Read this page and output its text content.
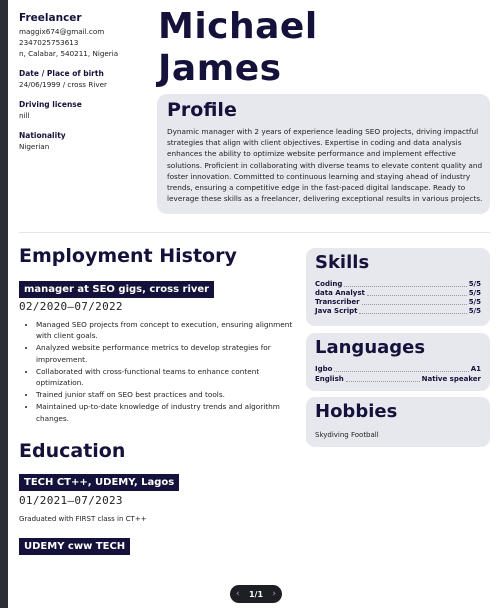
Freelancer
maggix674@gmail.com
2347025753613
n, Calabar, 540211, Nigeria
Date / Place of birth
24/06/1999 / cross River
Driving license
nill
Nationality
Nigerian
Michael
James
Profile

Dynamic manager with 2 years of experience leading SEO projects, driving impactful strategies that align with client objectives. Expertise in coding and data analysis enhances the ability to optimize website performance and implement effective solutions. Proficient in collaborating with diverse teams to elevate content quality and foster innovation. Committed to continuous learning and staying ahead of industry trends, ensuring a competitive edge in the fast-paced digital landscape. Ready to leverage these skills as a freelancer, delivering exceptional results in various projects.

Employment History
manager at SEO gigs, cross river
02/2020—07/2022
• Managed SEO projects from concept to execution, ensuring alignment with client goals.
• Analyzed website performance metrics to develop strategies for improvement.
• Collaborated with cross-functional teams to enhance content optimization.
• Trained junior staff on SEO best practices and tools.
• Maintained up-to-date knowledge of industry trends and algorithm changes.
Education
TECH CT++, UDEMY, Lagos
01/2021—07/2023
Graduated with FIRST class in CT++
UDEMY cww TECH
Skills
Coding	5/5
data Analyst	5/5
Transcriber	5/5
Java Script	5/5
Languages
Igbo	A1
English	Native speaker
Hobbies
Skydiving Football
‹ 1/1 ›
